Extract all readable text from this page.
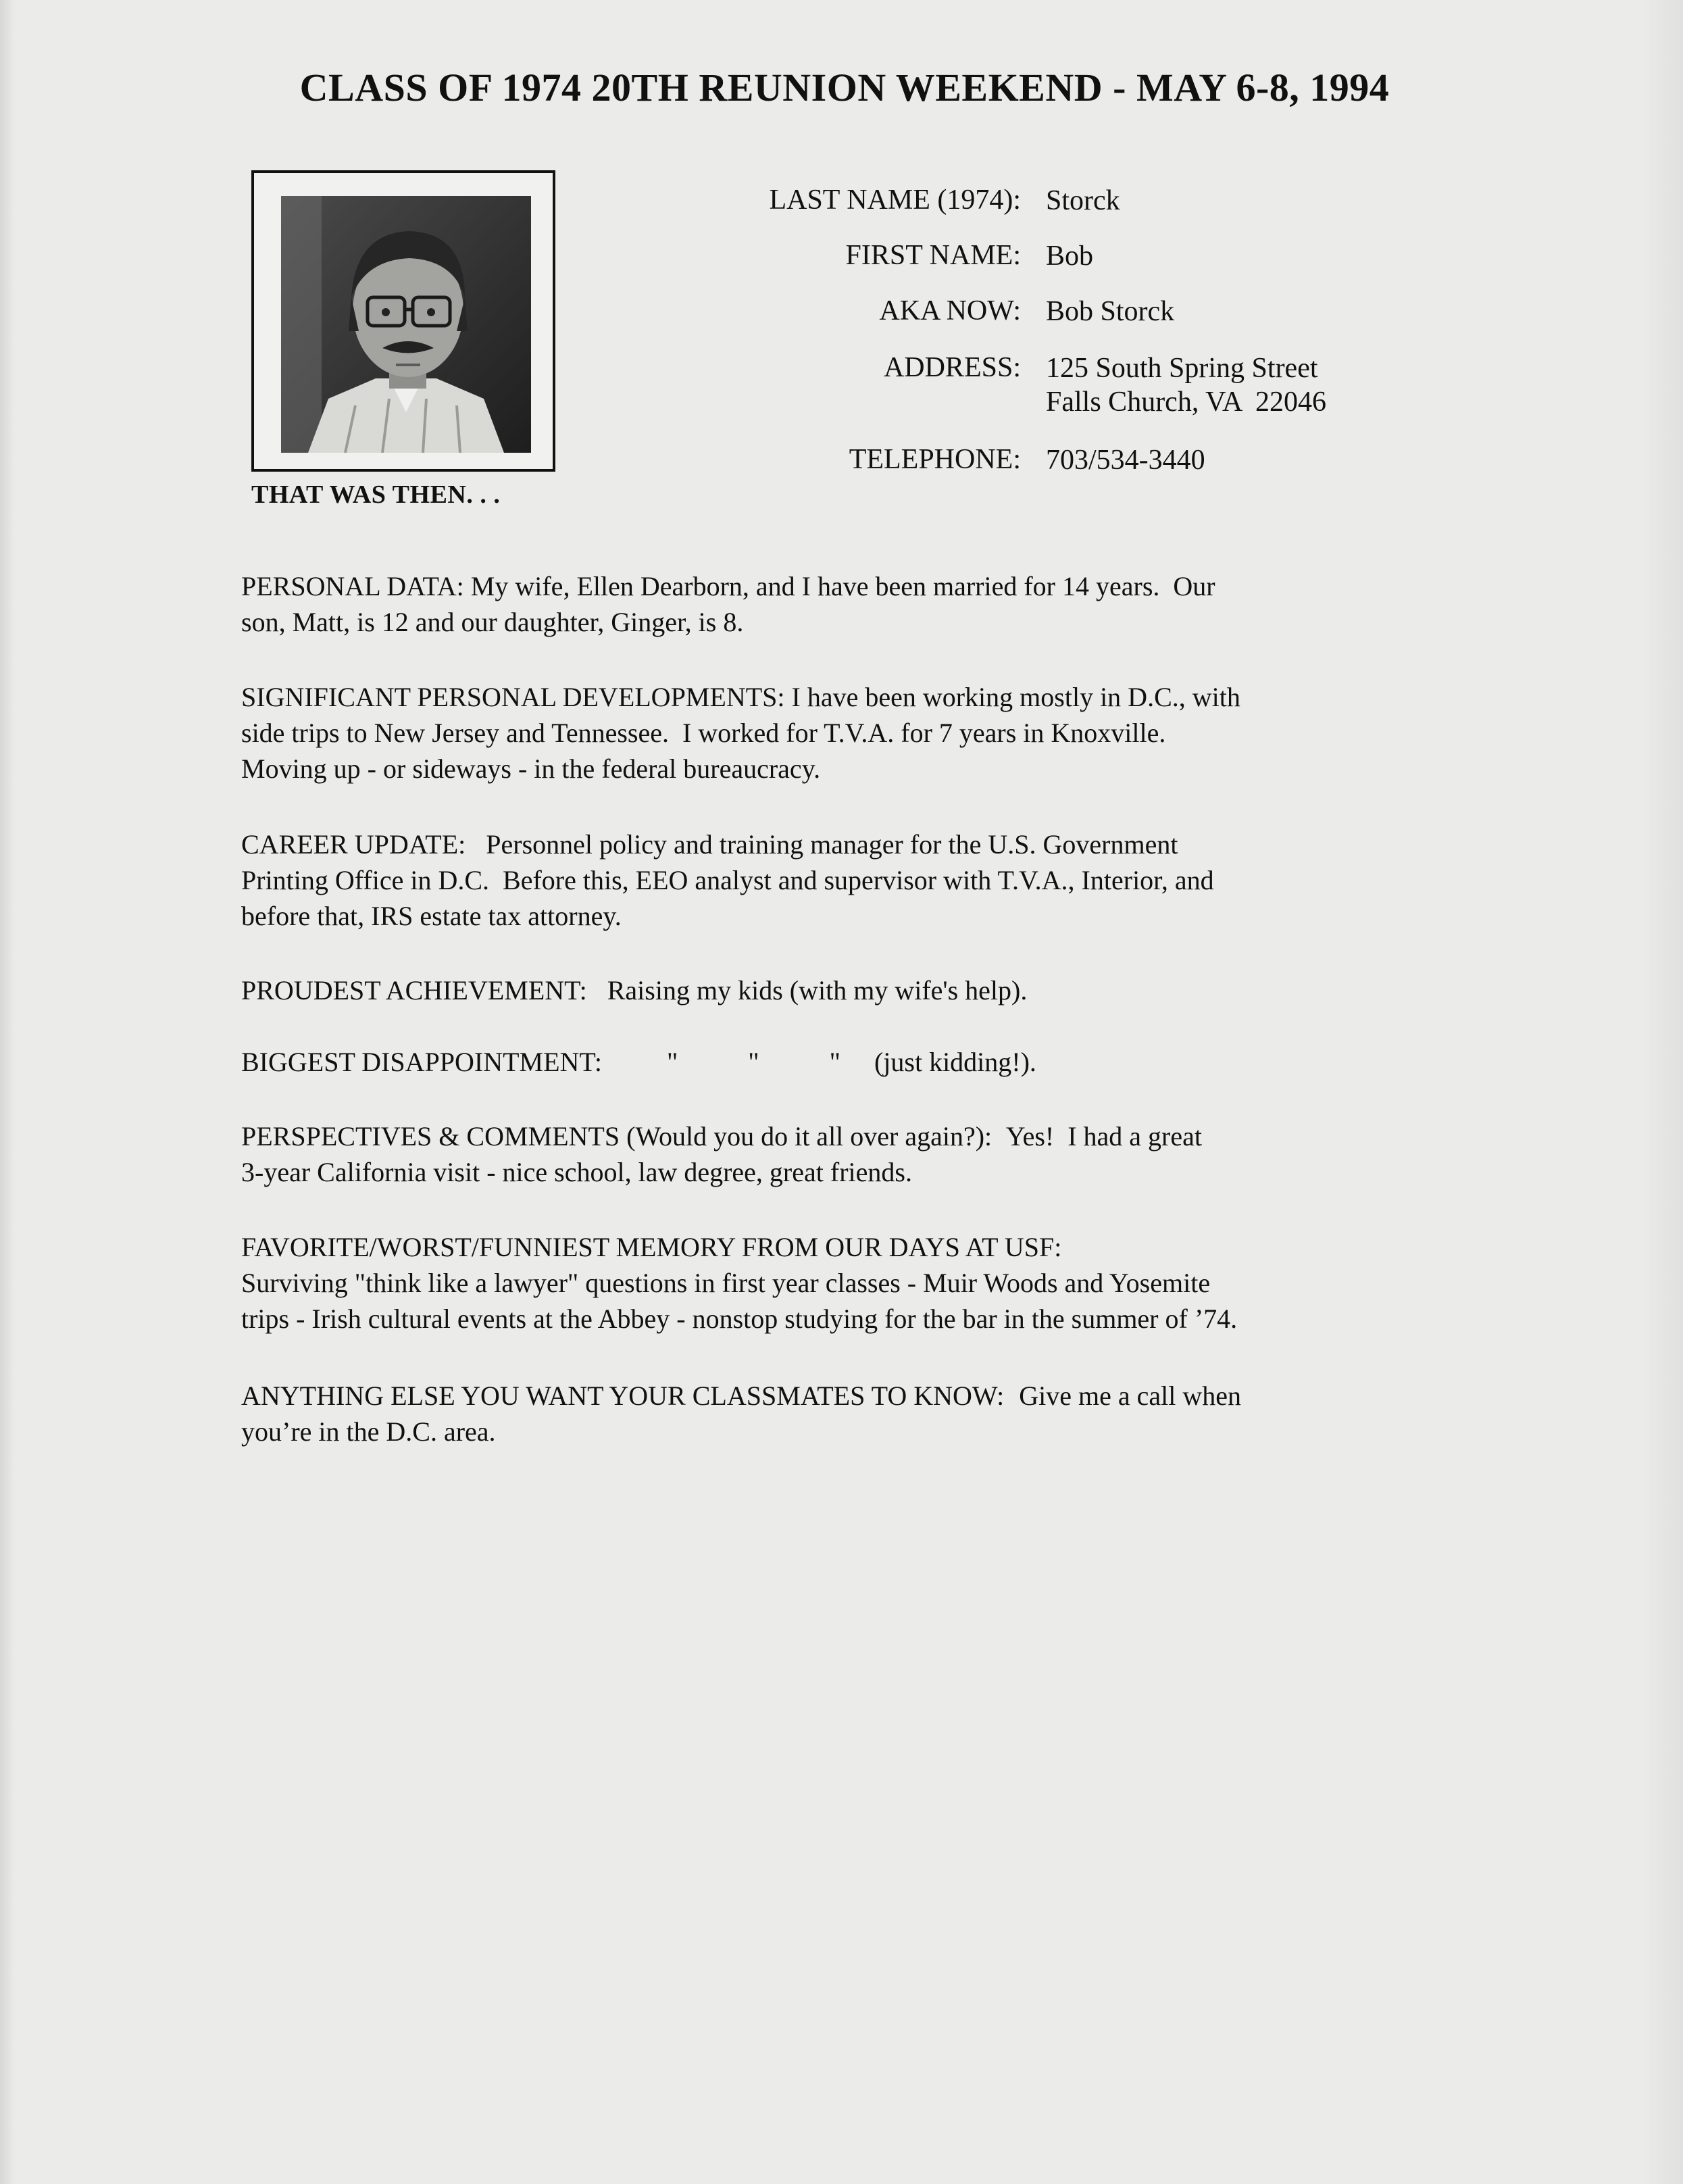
CLASS OF 1974 20TH REUNION WEEKEND - MAY 6-8, 1994
THAT WAS THEN. . .
LAST NAME (1974): Storck
FIRST NAME: Bob
AKA NOW: Bob Storck
ADDRESS: 125 South Spring Street
Falls Church, VA  22046
TELEPHONE: 703/534-3440
PERSONAL DATA: My wife, Ellen Dearborn, and I have been married for 14 years.  Our
son, Matt, is 12 and our daughter, Ginger, is 8.
SIGNIFICANT PERSONAL DEVELOPMENTS: I have been working mostly in D.C., with
side trips to New Jersey and Tennessee.  I worked for T.V.A. for 7 years in Knoxville.
Moving up - or sideways - in the federal bureaucracy.
CAREER UPDATE: Personnel policy and training manager for the U.S. Government
Printing Office in D.C.  Before this, EEO analyst and supervisor with T.V.A., Interior, and
before that, IRS estate tax attorney.
PROUDEST ACHIEVEMENT: Raising my kids (with my wife's help).
BIGGEST DISAPPOINTMENT: "	"	" (just kidding!).
PERSPECTIVES & COMMENTS (Would you do it all over again?): Yes!  I had a great
3-year California visit - nice school, law degree, great friends.
FAVORITE/WORST/FUNNIEST MEMORY FROM OUR DAYS AT USF:
Surviving "think like a lawyer" questions in first year classes - Muir Woods and Yosemite
trips - Irish cultural events at the Abbey - nonstop studying for the bar in the summer of ’74.
ANYTHING ELSE YOU WANT YOUR CLASSMATES TO KNOW: Give me a call when
you’re in the D.C. area.
